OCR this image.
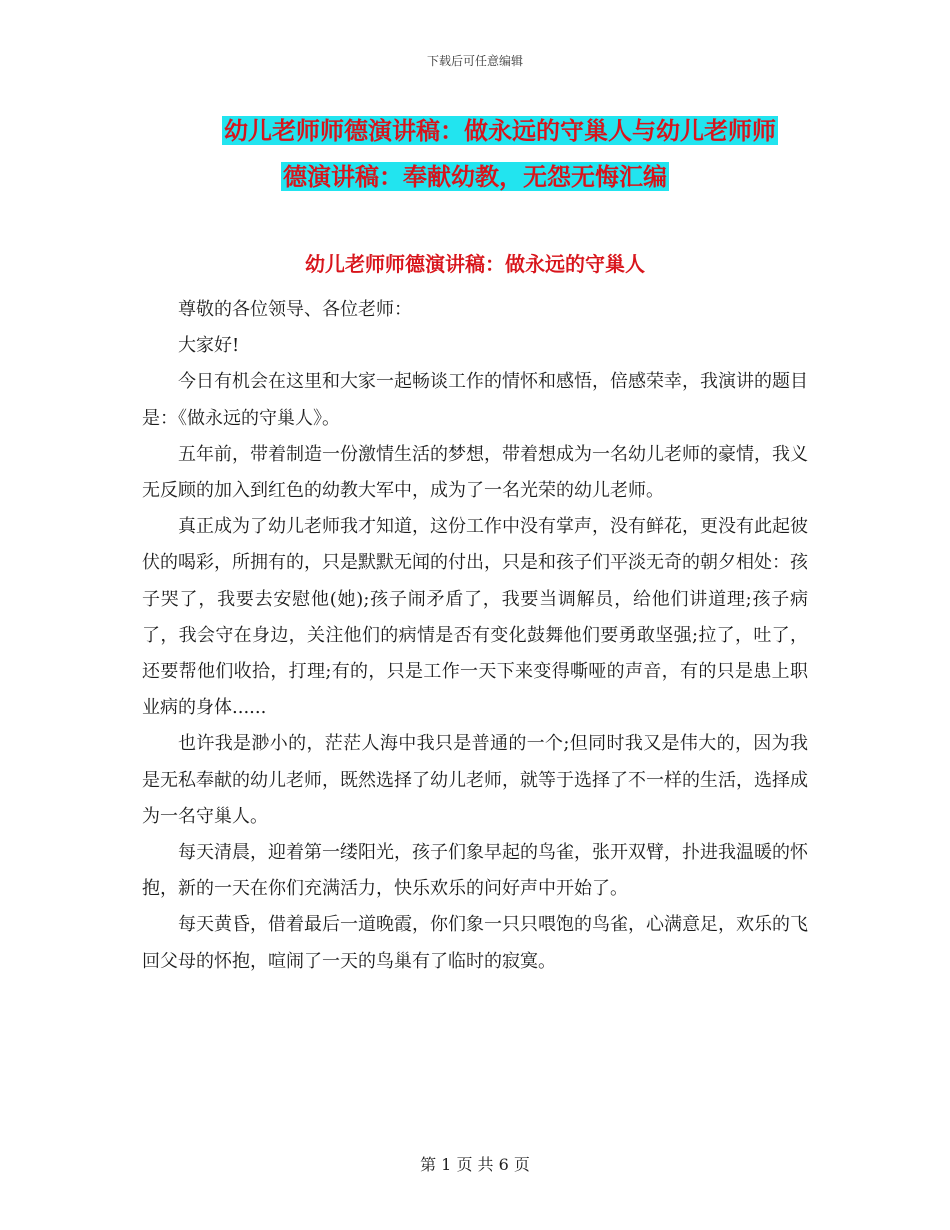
下载后可任意编辑
幼儿老师师德演讲稿：做永远的守巢人与幼儿老师师
德演讲稿：奉献幼教，无怨无悔汇编
幼儿老师师德演讲稿：做永远的守巢人

尊敬的各位领导、各位老师：

大家好!

今日有机会在这里和大家一起畅谈工作的情怀和感悟，倍感荣幸，我演讲的题目是：《做永远的守巢人》。

五年前，带着制造一份激情生活的梦想，带着想成为一名幼儿老师的豪情，我义无反顾的加入到红色的幼教大军中，成为了一名光荣的幼儿老师。

真正成为了幼儿老师我才知道，这份工作中没有掌声，没有鲜花，更没有此起彼伏的喝彩，所拥有的，只是默默无闻的付出，只是和孩子们平淡无奇的朝夕相处：孩子哭了，我要去安慰他(她);孩子闹矛盾了，我要当调解员，给他们讲道理;孩子病了，我会守在身边，关注他们的病情是否有变化鼓舞他们要勇敢坚强;拉了，吐了，还要帮他们收拾，打理;有的，只是工作一天下来变得嘶哑的声音，有的只是患上职业病的身体......

也许我是渺小的，茫茫人海中我只是普通的一个;但同时我又是伟大的，因为我是无私奉献的幼儿老师，既然选择了幼儿老师，就等于选择了不一样的生活，选择成为一名守巢人。

每天清晨，迎着第一缕阳光，孩子们象早起的鸟雀，张开双臂，扑进我温暖的怀抱，新的一天在你们充满活力，快乐欢乐的问好声中开始了。

每天黄昏，借着最后一道晚霞，你们象一只只喂饱的鸟雀，心满意足，欢乐的飞回父母的怀抱，喧闹了一天的鸟巢有了临时的寂寞。

第 1 页 共 6 页
